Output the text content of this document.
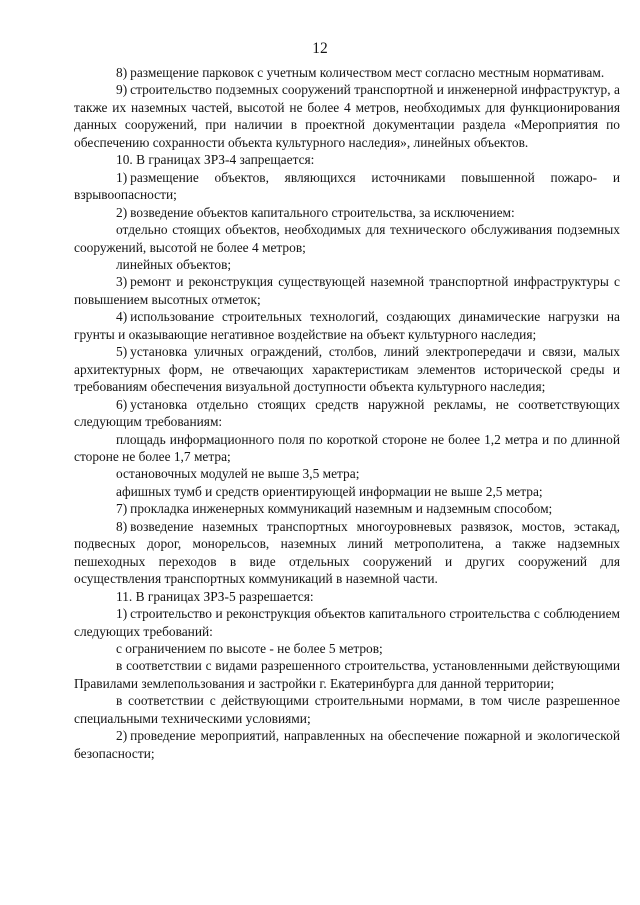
12

8) размещение парковок с учетным количеством мест согласно местным нормативам.

9) строительство подземных сооружений транспортной и инженерной инфраструктур, а также их наземных частей, высотой не более 4 метров, необходимых для функционирования данных сооружений, при наличии в проектной документации раздела «Мероприятия по обеспечению сохранности объекта культурного наследия», линейных объектов.

10. В границах ЗРЗ-4 запрещается:

1) размещение объектов, являющихся источниками повышенной пожаро- и взрывоопасности;

2) возведение объектов капитального строительства, за исключением:

отдельно стоящих объектов, необходимых для технического обслуживания подземных сооружений, высотой не более 4 метров;

линейных объектов;

3) ремонт и реконструкция существующей наземной транспортной инфраструктуры с повышением высотных отметок;

4) использование строительных технологий, создающих динамические нагрузки на грунты и оказывающие негативное воздействие на объект культурного наследия;

5) установка уличных ограждений, столбов, линий электропередачи и связи, малых архитектурных форм, не отвечающих характеристикам элементов исторической среды и требованиям обеспечения визуальной доступности объекта культурного наследия;

6) установка отдельно стоящих средств наружной рекламы, не соответствующих следующим требованиям:

площадь информационного поля по короткой стороне не более 1,2 метра и по длинной стороне не более 1,7 метра;

остановочных модулей не выше 3,5 метра;

афишных тумб и средств ориентирующей информации не выше 2,5 метра;

7) прокладка инженерных коммуникаций наземным и надземным способом;

8) возведение наземных транспортных многоуровневых развязок, мостов, эстакад, подвесных дорог, монорельсов, наземных линий метрополитена, а также надземных пешеходных переходов в виде отдельных сооружений и других сооружений для осуществления транспортных коммуникаций в наземной части.

11. В границах ЗРЗ-5 разрешается:

1) строительство и реконструкция объектов капитального строительства с соблюдением следующих требований:

с ограничением по высоте - не более 5 метров;

в соответствии с видами разрешенного строительства, установленными действующими Правилами землепользования и застройки г. Екатеринбурга для данной территории;

в соответствии с действующими строительными нормами, в том числе разрешенное специальными техническими условиями;

2) проведение мероприятий, направленных на обеспечение пожарной и экологической безопасности;
